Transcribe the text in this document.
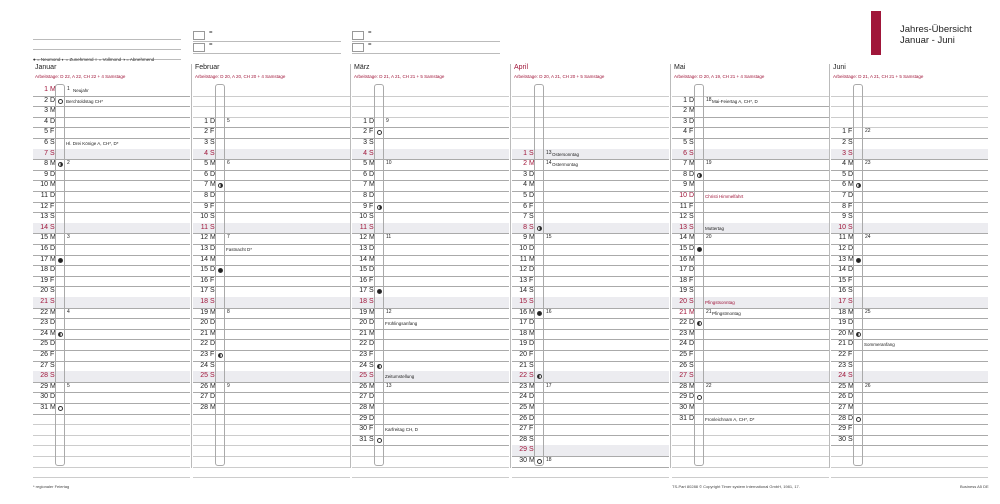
=
=
=
=
● = Neumond ◐ = Zunehmend ○ = Vollmond ◑ = Abnehmend
Jahres-Übersicht
Januar - Juni
Januar
Arbeitstage: D 22, A 22, CH 22 + 4 Samstage
1 M 1 Neujahr
2 D Berchtoldstag CH*
3 M
4 D
5 F
6 S	Hl. Drei Könige A, CH*, D*
7 S
8 M 2
9 D
10 M
11 D
12 F
13 S
14 S
15 M 3
16 D
17 M
18 D
19 F
20 S
21 S
22 M 4
23 D
24 M
25 D
26 F
27 S
28 S
29 M 5
30 D
31 M
Februar
Arbeitstage: D 20, A 20, CH 20 + 4 Samstage
1 D 5
2 F
3 S
4 S
5 M 6
6 D
7 M
8 D
9 F
10 S
11 S
12 M 7
13 D Fastnacht D*
14 M
15 D
16 F
17 S
18 S
19 M 8
20 D
21 M
22 D
23 F
24 S
25 S
26 M 9
27 D
28 M
März
Arbeitstage: D 21, A 21, CH 21 + 5 Samstage
1 D 9
2 F
3 S
4 S
5 M 10
6 D
7 M
8 D
9 F
10 S
11 S
12 M 11
13 D
14 M
15 D
16 F
17 S
18 S
19 M 12
20 D Frühlingsanfang
21 M
22 D
23 F
24 S
25 S	Zeitumstellung
26 M 13
27 D
28 M
29 D
30 F	Karfreitag CH, D
31 S
April
Arbeitstage: D 20, A 21, CH 20 + 5 Samstage
1 S 13 Ostersonntag
2 M 14 Ostermontag
3 D
4 M
5 D
6 F
7 S
8 S
9 M 15
10 D
11 M
12 D
13 F
14 S
15 S
16 M 16
17 D
18 M
19 D
20 F
21 S
22 S
23 M 17
24 D
25 M
26 D
27 F
28 S
29 S
30 M 18
Mai
Arbeitstage: D 20, A 19, CH 21 + 4 Samstage
1 D 18 Mai-Feiertag A, CH*, D
2 M
3 D
4 F
5 S
6 S
7 M 19
8 D
9 M
10 D Christi Himmelfahrt
11 F
12 S
13 S	Muttertag
14 M 20
15 D
16 M
17 D
18 F
19 S
20 S	Pfingstsonntag
21 M 21 Pfingstmontag
22 D
23 M
24 D
25 F
26 S
27 S
28 M 22
29 D
30 M
31 D Fronleichnam A, CH*, D*
Juni
Arbeitstage: D 21, A 21, CH 21 + 5 Samstage
1 F	22
2 S
3 S
4 M 23
5 D
6 M
7 D
8 F
9 S
10 S
11 M 24
12 D
13 M
14 D
15 F
16 S
17 S
18 M 25
19 D
20 M
21 D Sommeranfang
22 F
23 S
24 S
25 M 26
26 D
27 M
28 D
29 F
30 S
* regionaler Feiertag	TS-Part 80288 © Copyright Timer system International GmbH, 1981, 17.	Business A5 DE
